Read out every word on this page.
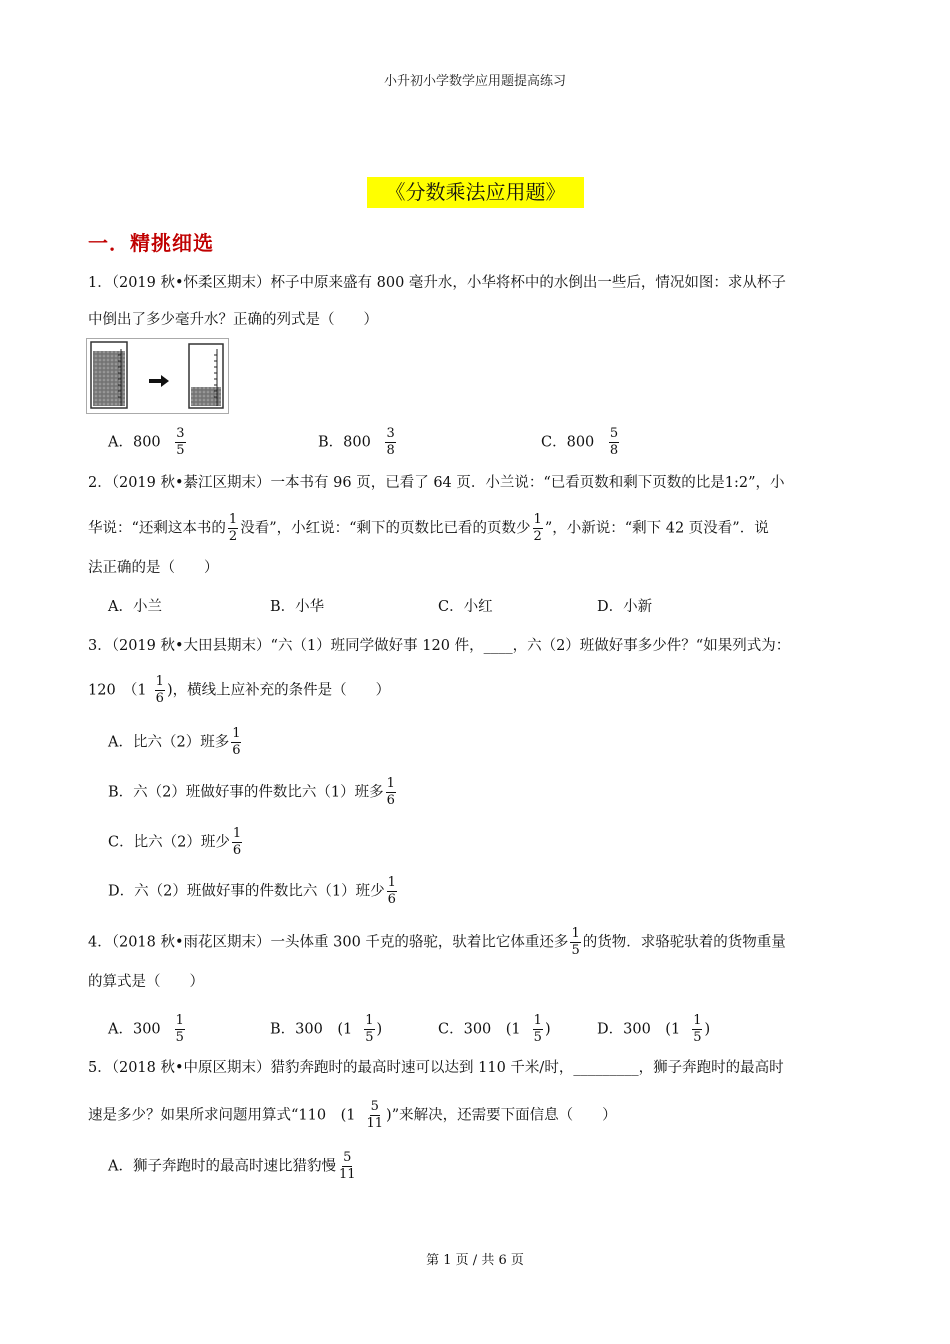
小升初小学数学应用题提高练习
《分数乘法应用题》
一．精挑细选
1．（2019 秋•怀柔区期末）杯子中原来盛有 800 毫升水，小华将杯中的水倒出一些后，情况如图：求从杯子
中倒出了多少毫升水？正确的列式是（　　）
A．$800 \frac{3}{5}$	B．$800 \frac{3}{8}$	C．$800 \frac{5}{8}$
2．（2019 秋•綦江区期末）一本书有 96 页，已看了 64 页．小兰说：“已看页数和剩下页数的比是1:2”，小
华说：“还剩这本书的 $\frac{1}{2}$ 没看”，小红说：“剩下的页数比已看的页数少 $\frac{1}{2}$ ”，小新说：“剩下 42 页没看”．说
法正确的是（　　）
A．小兰	B．小华	C．小红	D．小新
3．（2019 秋•大田县期末）“六（1）班同学做好事 120 件，____，六（2）班做好事多少件？“如果列式为：
120　（$1 \frac{1}{6}$ )，横线上应补充的条件是（　　）
A．比六（2）班多 $\frac{1}{6}$
B．六（2）班做好事的件数比六（1）班多 $\frac{1}{6}$
C．比六（2）班少 $\frac{1}{6}$
D．六（2）班做好事的件数比六（1）班少 $\frac{1}{6}$
4．（2018 秋•雨花区期末）一头体重 300 千克的骆驼，驮着比它体重还多 $\frac{1}{5}$ 的货物．求骆驼驮着的货物重量
的算式是（　　）
A．$300 \frac{1}{5}$	B．300　($1 \frac{1}{5}$ )	C．300　($1 \frac{1}{5}$ )	D．300　($1 \frac{1}{5}$ )
5．（2018 秋•中原区期末）猎豹奔跑时的最高时速可以达到 110 千米/时，_________，狮子奔跑时的最高时
速是多少？如果所求问题用算式“110　($1 \frac{5}{11}$ )”来解决，还需要下面信息（　　）
A．狮子奔跑时的最高时速比猎豹慢 $\frac{5}{11}$
第 1 页 / 共 6 页
